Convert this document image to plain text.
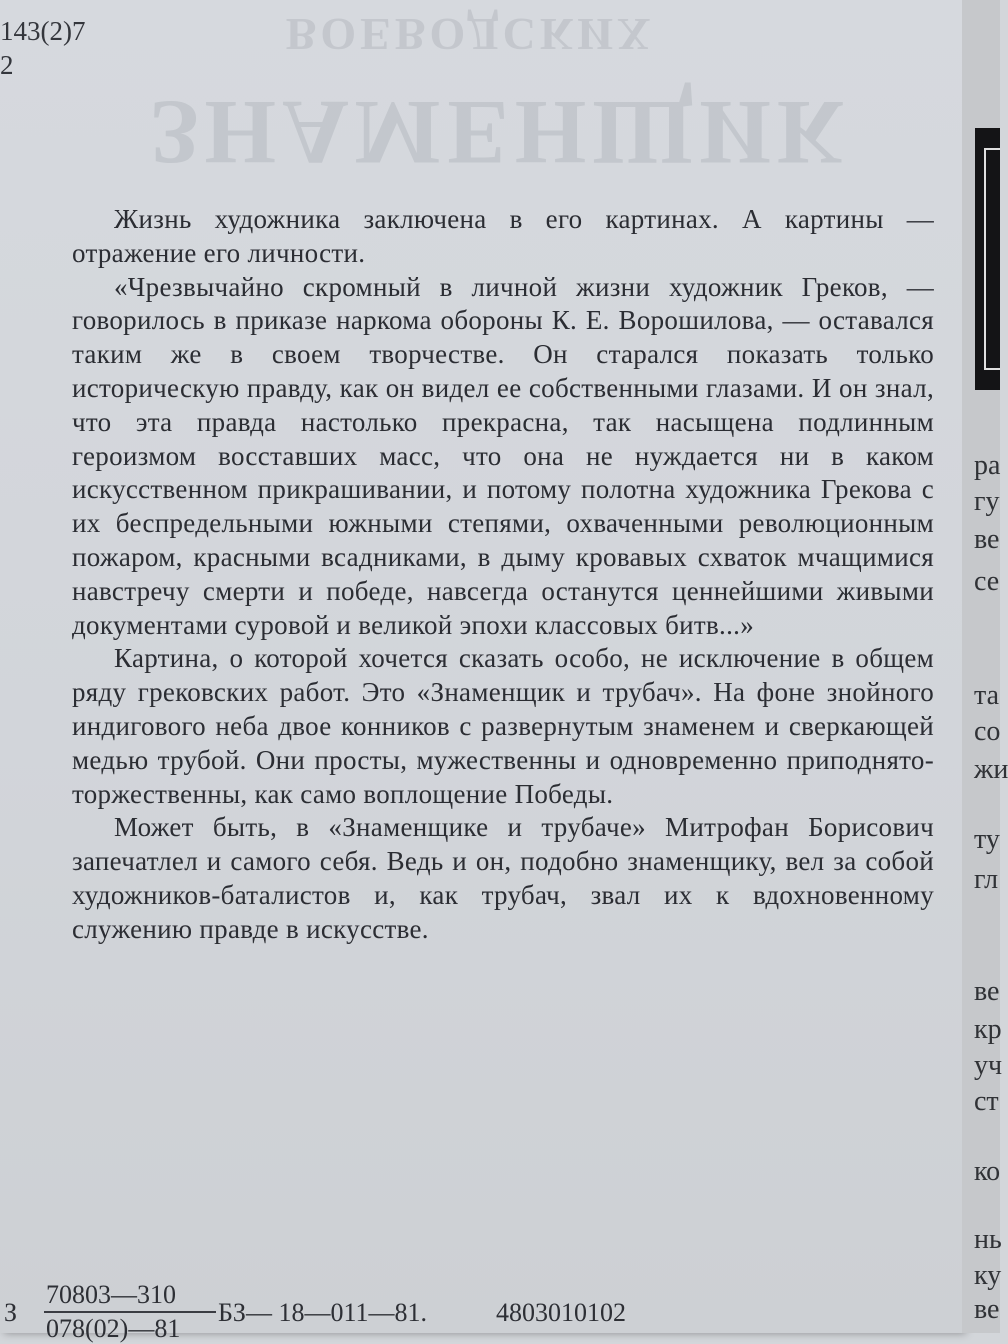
143(2)7
2
ВОЕВОДСКИХ
ЗНАМЕНЩИК

Жизнь художника заключена в его картинах. А картины — отражение его личности.

«Чрезвычайно скромный в личной жизни художник Греков, — говорилось в приказе наркома обороны К. Е. Ворошилова, — оставался таким же в своем творчестве. Он старался показать только историческую правду, как он видел ее собственными глазами. И он знал, что эта правда настолько прекрасна, так насыщена подлинным героизмом восставших масс, что она не нуждается ни в каком искусственном прикрашивании, и потому полотна художника Грекова с их беспредельными южными степями, охваченными революционным пожаром, красными всадниками, в дыму кровавых схваток мчащимися навстречу смерти и победе, навсегда останутся ценнейшими живыми документами суровой и великой эпохи классовых битв...»

Картина, о которой хочется сказать особо, не исключение в общем ряду грековских работ. Это «Знаменщик и трубач». На фоне знойного индигового неба двое конников с развернутым знаменем и сверкающей медью трубой. Они просты, мужественны и одновременно приподнято-торжественны, как само воплощение Победы.

Может быть, в «Знаменщике и трубаче» Митрофан Борисович запечатлел и самого себя. Ведь и он, подобно знаменщику, вел за собой художников-баталистов и, как трубач, звал их к вдохновенному служению правде в искусстве.

З
70803—310
078(02)—81
БЗ— 18—011—81.	4803010102
ра
гу
ве
се
та
со
жи
ту
гл
ве
кр
уч
ст
ко
нь
ку
ве
